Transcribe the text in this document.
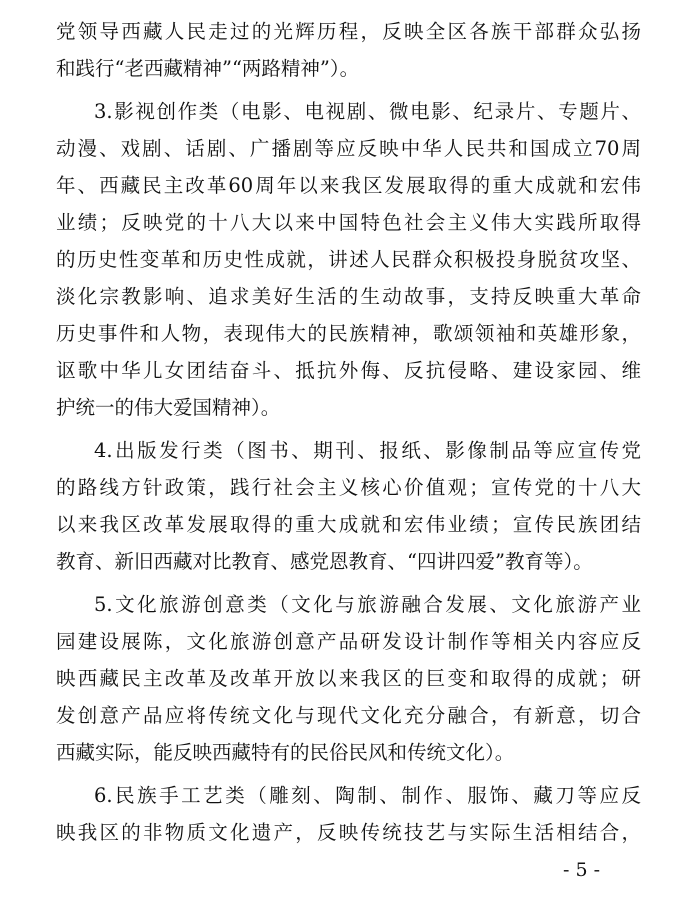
党领导西藏人民走过的光辉历程，反映全区各族干部群众弘扬
和践行“老西藏精神”“两路精神”）。
3.影视创作类（电影、电视剧、微电影、纪录片、专题片、
动漫、戏剧、话剧、广播剧等应反映中华人民共和国成立70周
年、西藏民主改革60周年以来我区发展取得的重大成就和宏伟
业绩；反映党的十八大以来中国特色社会主义伟大实践所取得
的历史性变革和历史性成就，讲述人民群众积极投身脱贫攻坚、
淡化宗教影响、追求美好生活的生动故事，支持反映重大革命
历史事件和人物，表现伟大的民族精神，歌颂领袖和英雄形象，
讴歌中华儿女团结奋斗、抵抗外侮、反抗侵略、建设家园、维
护统一的伟大爱国精神）。
4.出版发行类（图书、期刊、报纸、影像制品等应宣传党
的路线方针政策，践行社会主义核心价值观；宣传党的十八大
以来我区改革发展取得的重大成就和宏伟业绩；宣传民族团结
教育、新旧西藏对比教育、感党恩教育、“四讲四爱”教育等）。
5.文化旅游创意类（文化与旅游融合发展、文化旅游产业
园建设展陈，文化旅游创意产品研发设计制作等相关内容应反
映西藏民主改革及改革开放以来我区的巨变和取得的成就；研
发创意产品应将传统文化与现代文化充分融合，有新意，切合
西藏实际，能反映西藏特有的民俗民风和传统文化）。
6.民族手工艺类（雕刻、陶制、制作、服饰、藏刀等应反
映我区的非物质文化遗产，反映传统技艺与实际生活相结合，
- 5 -
